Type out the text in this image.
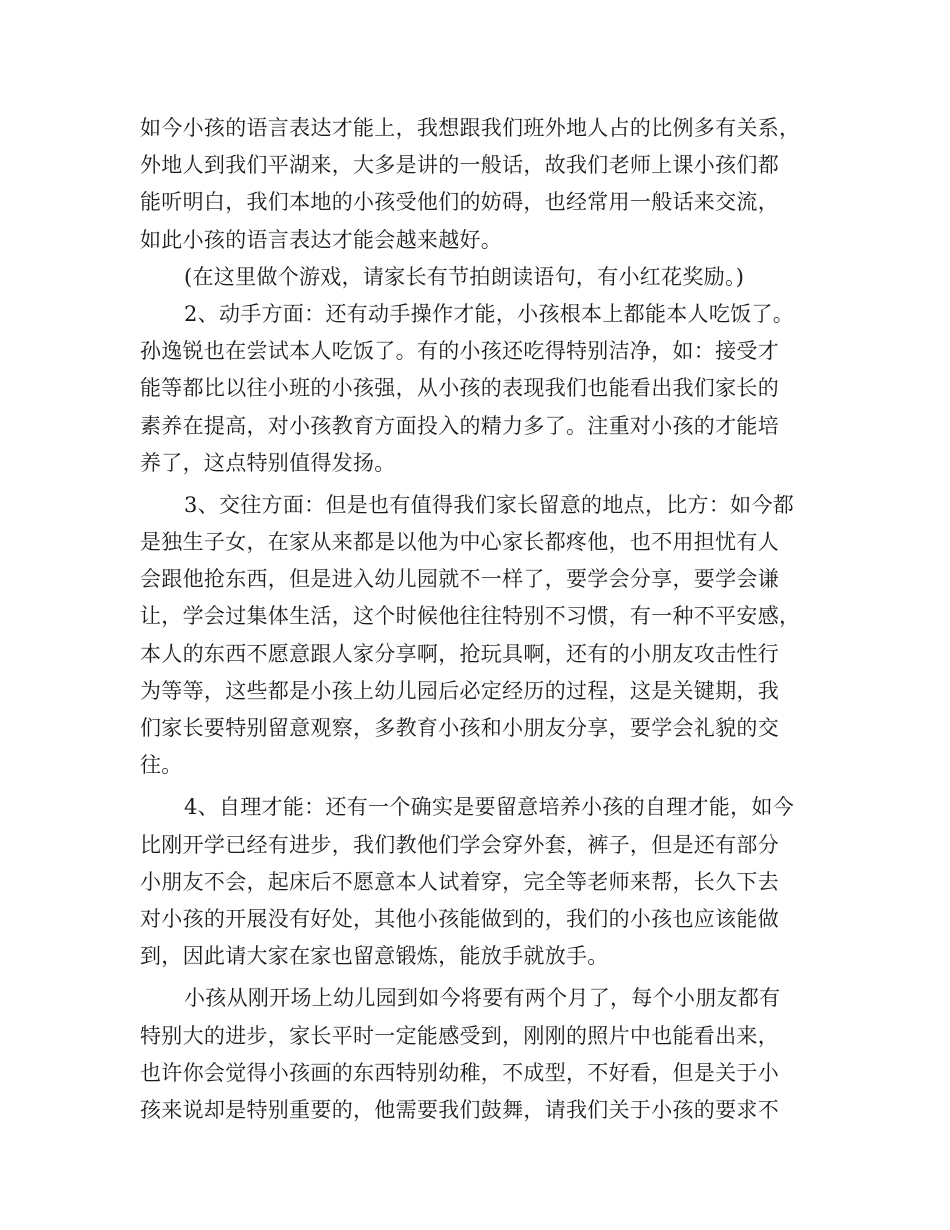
如今小孩的语言表达才能上，我想跟我们班外地人占的比例多有关系，
外地人到我们平湖来，大多是讲的一般话，故我们老师上课小孩们都
能听明白，我们本地的小孩受他们的妨碍，也经常用一般话来交流，
如此小孩的语言表达才能会越来越好。
(在这里做个游戏，请家长有节拍朗读语句，有小红花奖励。)
2、动手方面：还有动手操作才能，小孩根本上都能本人吃饭了。
孙逸锐也在尝试本人吃饭了。有的小孩还吃得特别洁净，如：接受才
能等都比以往小班的小孩强，从小孩的表现我们也能看出我们家长的
素养在提高，对小孩教育方面投入的精力多了。注重对小孩的才能培
养了，这点特别值得发扬。
3、交往方面：但是也有值得我们家长留意的地点，比方：如今都
是独生子女，在家从来都是以他为中心家长都疼他，也不用担忧有人
会跟他抢东西，但是进入幼儿园就不一样了，要学会分享，要学会谦
让，学会过集体生活，这个时候他往往特别不习惯，有一种不平安感，
本人的东西不愿意跟人家分享啊，抢玩具啊，还有的小朋友攻击性行
为等等，这些都是小孩上幼儿园后必定经历的过程，这是关键期，我
们家长要特别留意观察，多教育小孩和小朋友分享，要学会礼貌的交
往。
4、自理才能：还有一个确实是要留意培养小孩的自理才能，如今
比刚开学已经有进步，我们教他们学会穿外套，裤子，但是还有部分
小朋友不会，起床后不愿意本人试着穿，完全等老师来帮，长久下去
对小孩的开展没有好处，其他小孩能做到的，我们的小孩也应该能做
到，因此请大家在家也留意锻炼，能放手就放手。
小孩从刚开场上幼儿园到如今将要有两个月了，每个小朋友都有
特别大的进步，家长平时一定能感受到，刚刚的照片中也能看出来，
也许你会觉得小孩画的东西特别幼稚，不成型，不好看，但是关于小
孩来说却是特别重要的，他需要我们鼓舞，请我们关于小孩的要求不
